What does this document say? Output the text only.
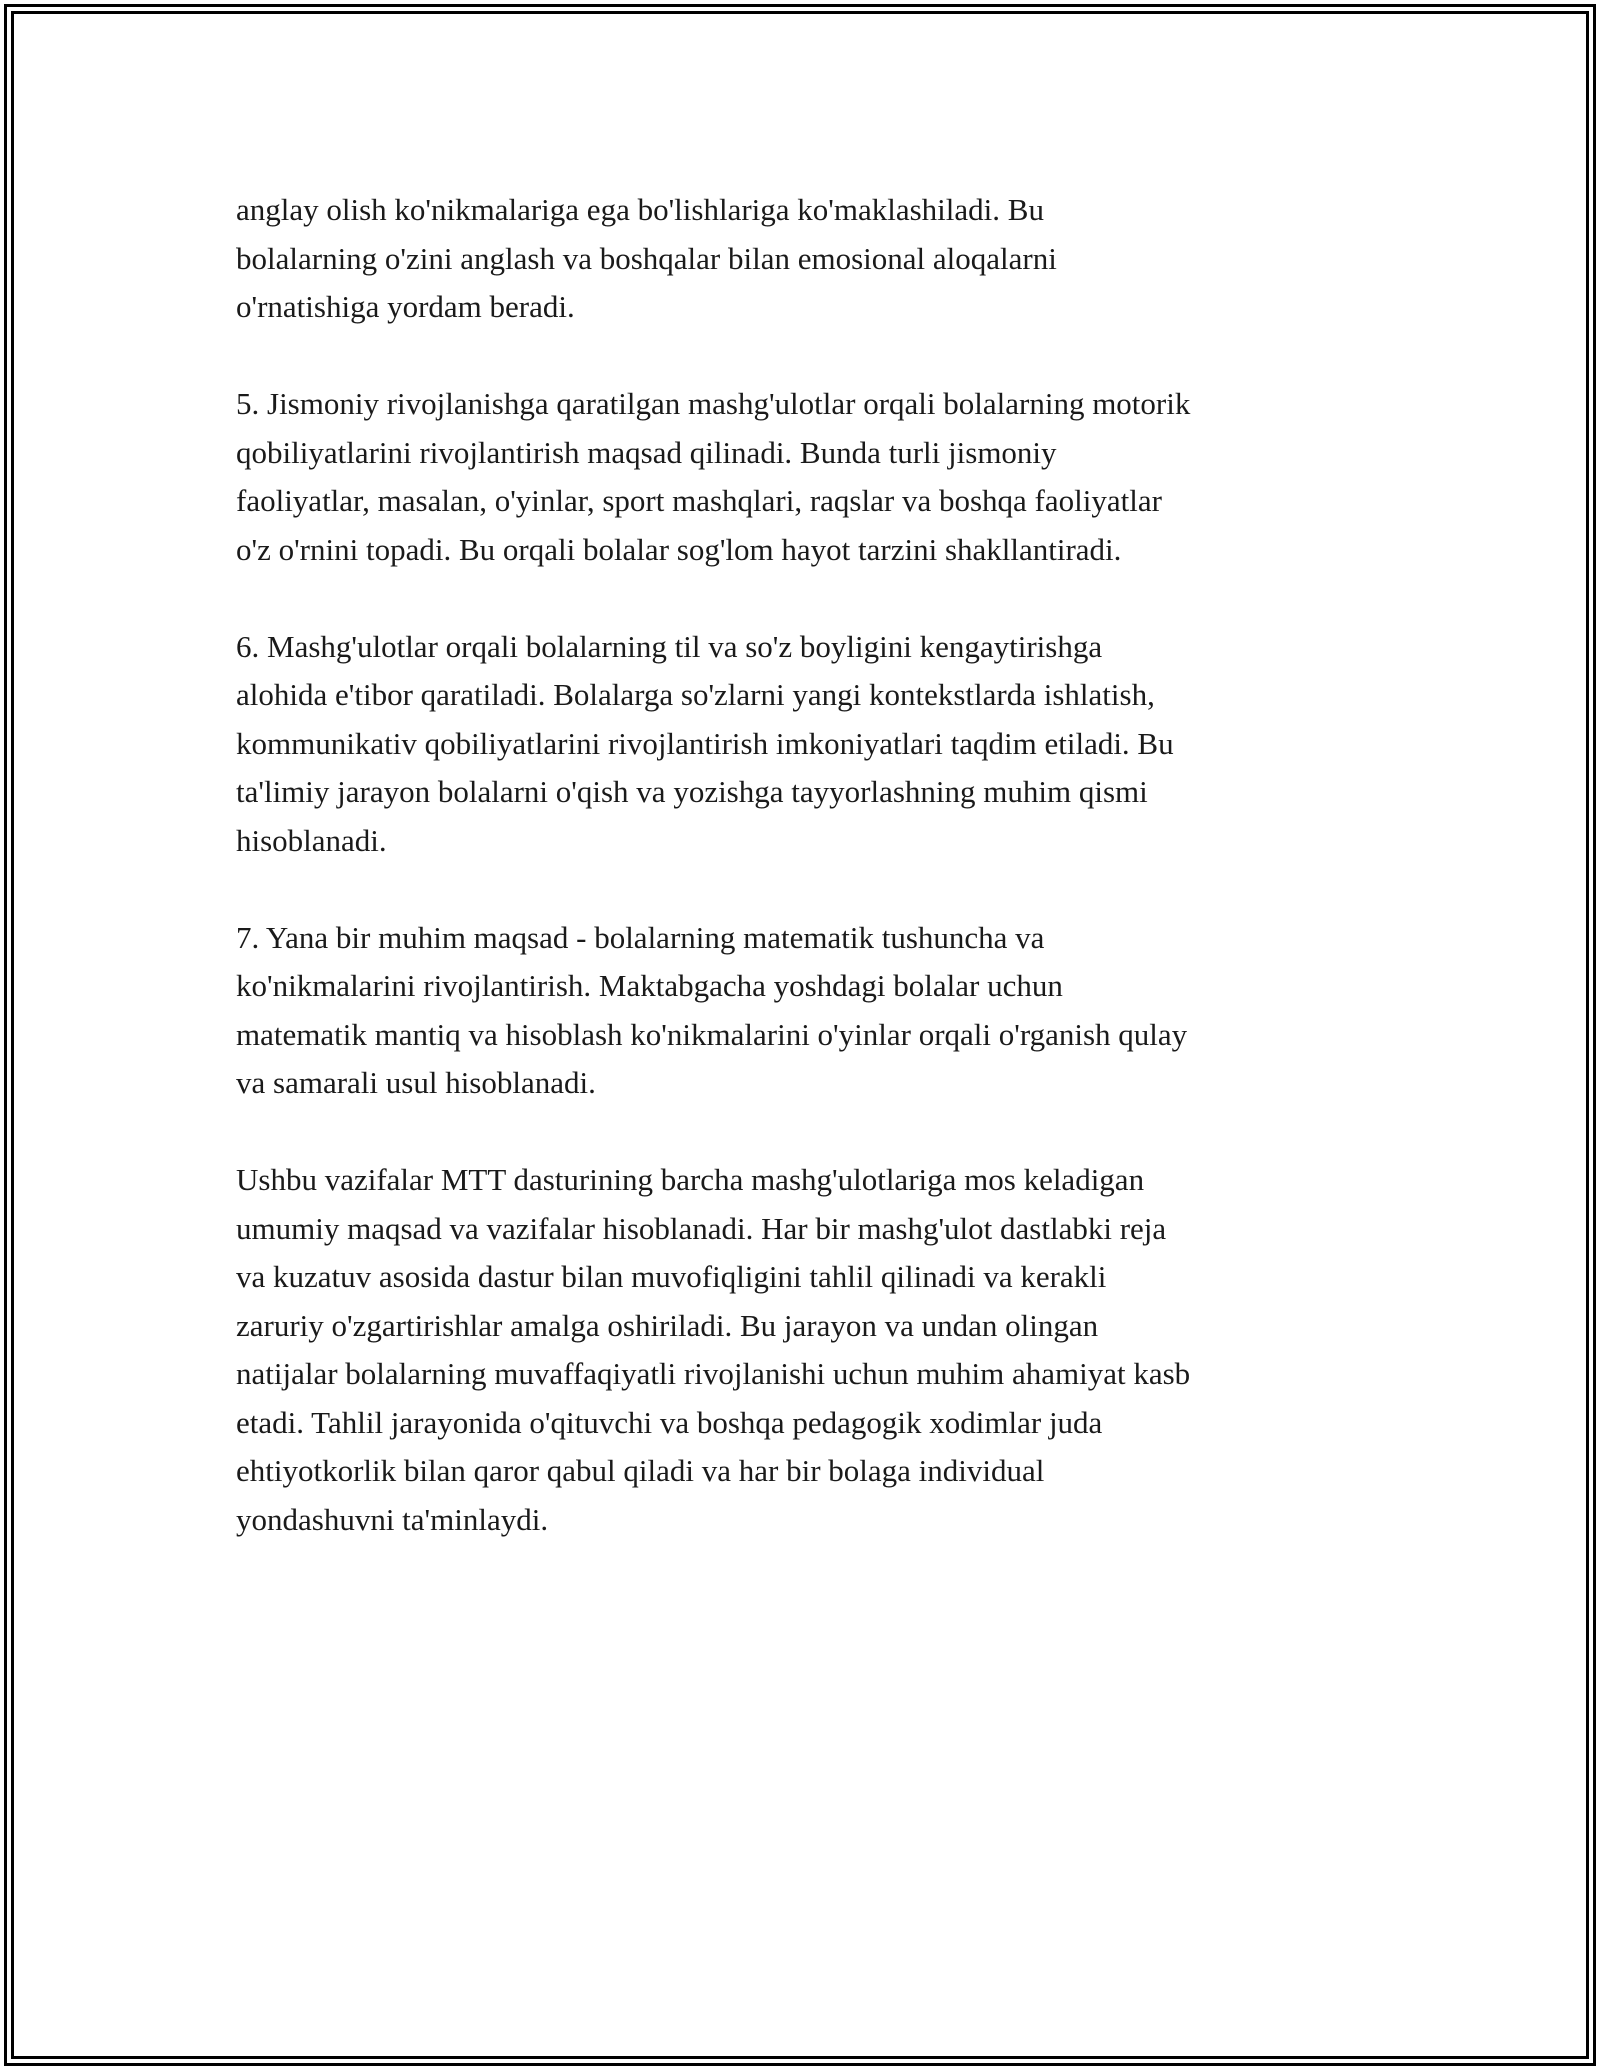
anglay olish ko'nikmalariga ega bo'lishlariga ko'maklashiladi. Bu
bolalarning o'zini anglash va boshqalar bilan emosional aloqalarni
o'rnatishiga yordam beradi.

5. Jismoniy rivojlanishga qaratilgan mashg'ulotlar orqali bolalarning motorik
qobiliyatlarini rivojlantirish maqsad qilinadi. Bunda turli jismoniy
faoliyatlar, masalan, o'yinlar, sport mashqlari, raqslar va boshqa faoliyatlar
o'z o'rnini topadi. Bu orqali bolalar sog'lom hayot tarzini shakllantiradi.

6. Mashg'ulotlar orqali bolalarning til va so'z boyligini kengaytirishga
alohida e'tibor qaratiladi. Bolalarga so'zlarni yangi kontekstlarda ishlatish,
kommunikativ qobiliyatlarini rivojlantirish imkoniyatlari taqdim etiladi. Bu
ta'limiy jarayon bolalarni o'qish va yozishga tayyorlashning muhim qismi
hisoblanadi.

7. Yana bir muhim maqsad - bolalarning matematik tushuncha va
ko'nikmalarini rivojlantirish. Maktabgacha yoshdagi bolalar uchun
matematik mantiq va hisoblash ko'nikmalarini o'yinlar orqali o'rganish qulay
va samarali usul hisoblanadi.

Ushbu vazifalar MTT dasturining barcha mashg'ulotlariga mos keladigan
umumiy maqsad va vazifalar hisoblanadi. Har bir mashg'ulot dastlabki reja
va kuzatuv asosida dastur bilan muvofiqligini tahlil qilinadi va kerakli
zaruriy o'zgartirishlar amalga oshiriladi. Bu jarayon va undan olingan
natijalar bolalarning muvaffaqiyatli rivojlanishi uchun muhim ahamiyat kasb
etadi. Tahlil jarayonida o'qituvchi va boshqa pedagogik xodimlar juda
ehtiyotkorlik bilan qaror qabul qiladi va har bir bolaga individual
yondashuvni ta'minlaydi.
